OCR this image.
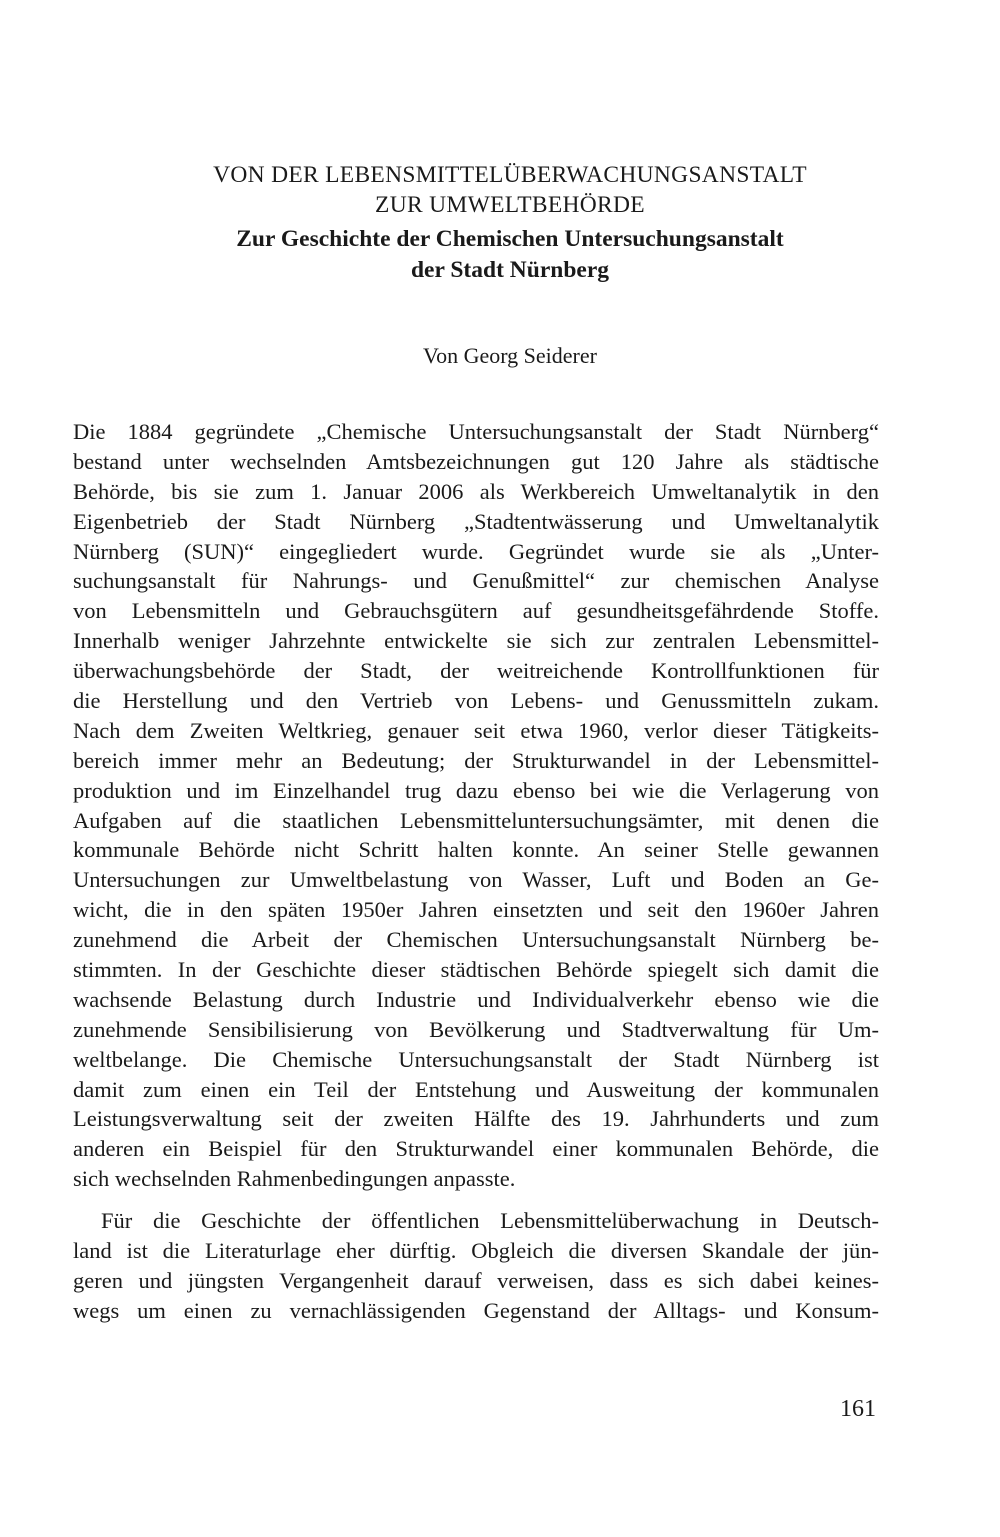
VON DER LEBENSMITTELÜBERWACHUNGSANSTALT
ZUR UMWELTBEHÖRDE
Zur Geschichte der Chemischen Untersuchungsanstalt
der Stadt Nürnberg

Von Georg Seiderer

Die 1884 gegründete „Chemische Untersuchungsanstalt der Stadt Nürnberg“
bestand unter wechselnden Amtsbezeichnungen gut 120 Jahre als städtische
Behörde, bis sie zum 1. Januar 2006 als Werkbereich Umweltanalytik in den
Eigenbetrieb der Stadt Nürnberg „Stadtentwässerung und Umweltanalytik
Nürnberg (SUN)“ eingegliedert wurde. Gegründet wurde sie als „Unter-
suchungsanstalt für Nahrungs- und Genußmittel“ zur chemischen Analyse
von Lebensmitteln und Gebrauchsgütern auf gesundheitsgefährdende Stoffe.
Innerhalb weniger Jahrzehnte entwickelte sie sich zur zentralen Lebensmittel-
überwachungsbehörde der Stadt, der weitreichende Kontrollfunktionen für
die Herstellung und den Vertrieb von Lebens- und Genussmitteln zukam.
Nach dem Zweiten Weltkrieg, genauer seit etwa 1960, verlor dieser Tätigkeits-
bereich immer mehr an Bedeutung; der Strukturwandel in der Lebensmittel-
produktion und im Einzelhandel trug dazu ebenso bei wie die Verlagerung von
Aufgaben auf die staatlichen Lebensmitteluntersuchungsämter, mit denen die
kommunale Behörde nicht Schritt halten konnte. An seiner Stelle gewannen
Untersuchungen zur Umweltbelastung von Wasser, Luft und Boden an Ge-
wicht, die in den späten 1950er Jahren einsetzten und seit den 1960er Jahren
zunehmend die Arbeit der Chemischen Untersuchungsanstalt Nürnberg be-
stimmten. In der Geschichte dieser städtischen Behörde spiegelt sich damit die
wachsende Belastung durch Industrie und Individualverkehr ebenso wie die
zunehmende Sensibilisierung von Bevölkerung und Stadtverwaltung für Um-
weltbelange. Die Chemische Untersuchungsanstalt der Stadt Nürnberg ist
damit zum einen ein Teil der Entstehung und Ausweitung der kommunalen
Leistungsverwaltung seit der zweiten Hälfte des 19. Jahrhunderts und zum
anderen ein Beispiel für den Strukturwandel einer kommunalen Behörde, die
sich wechselnden Rahmenbedingungen anpasste.
Für die Geschichte der öffentlichen Lebensmittelüberwachung in Deutsch-
land ist die Literaturlage eher dürftig. Obgleich die diversen Skandale der jün-
geren und jüngsten Vergangenheit darauf verweisen, dass es sich dabei keines-
wegs um einen zu vernachlässigenden Gegenstand der Alltags- und Konsum-

161
